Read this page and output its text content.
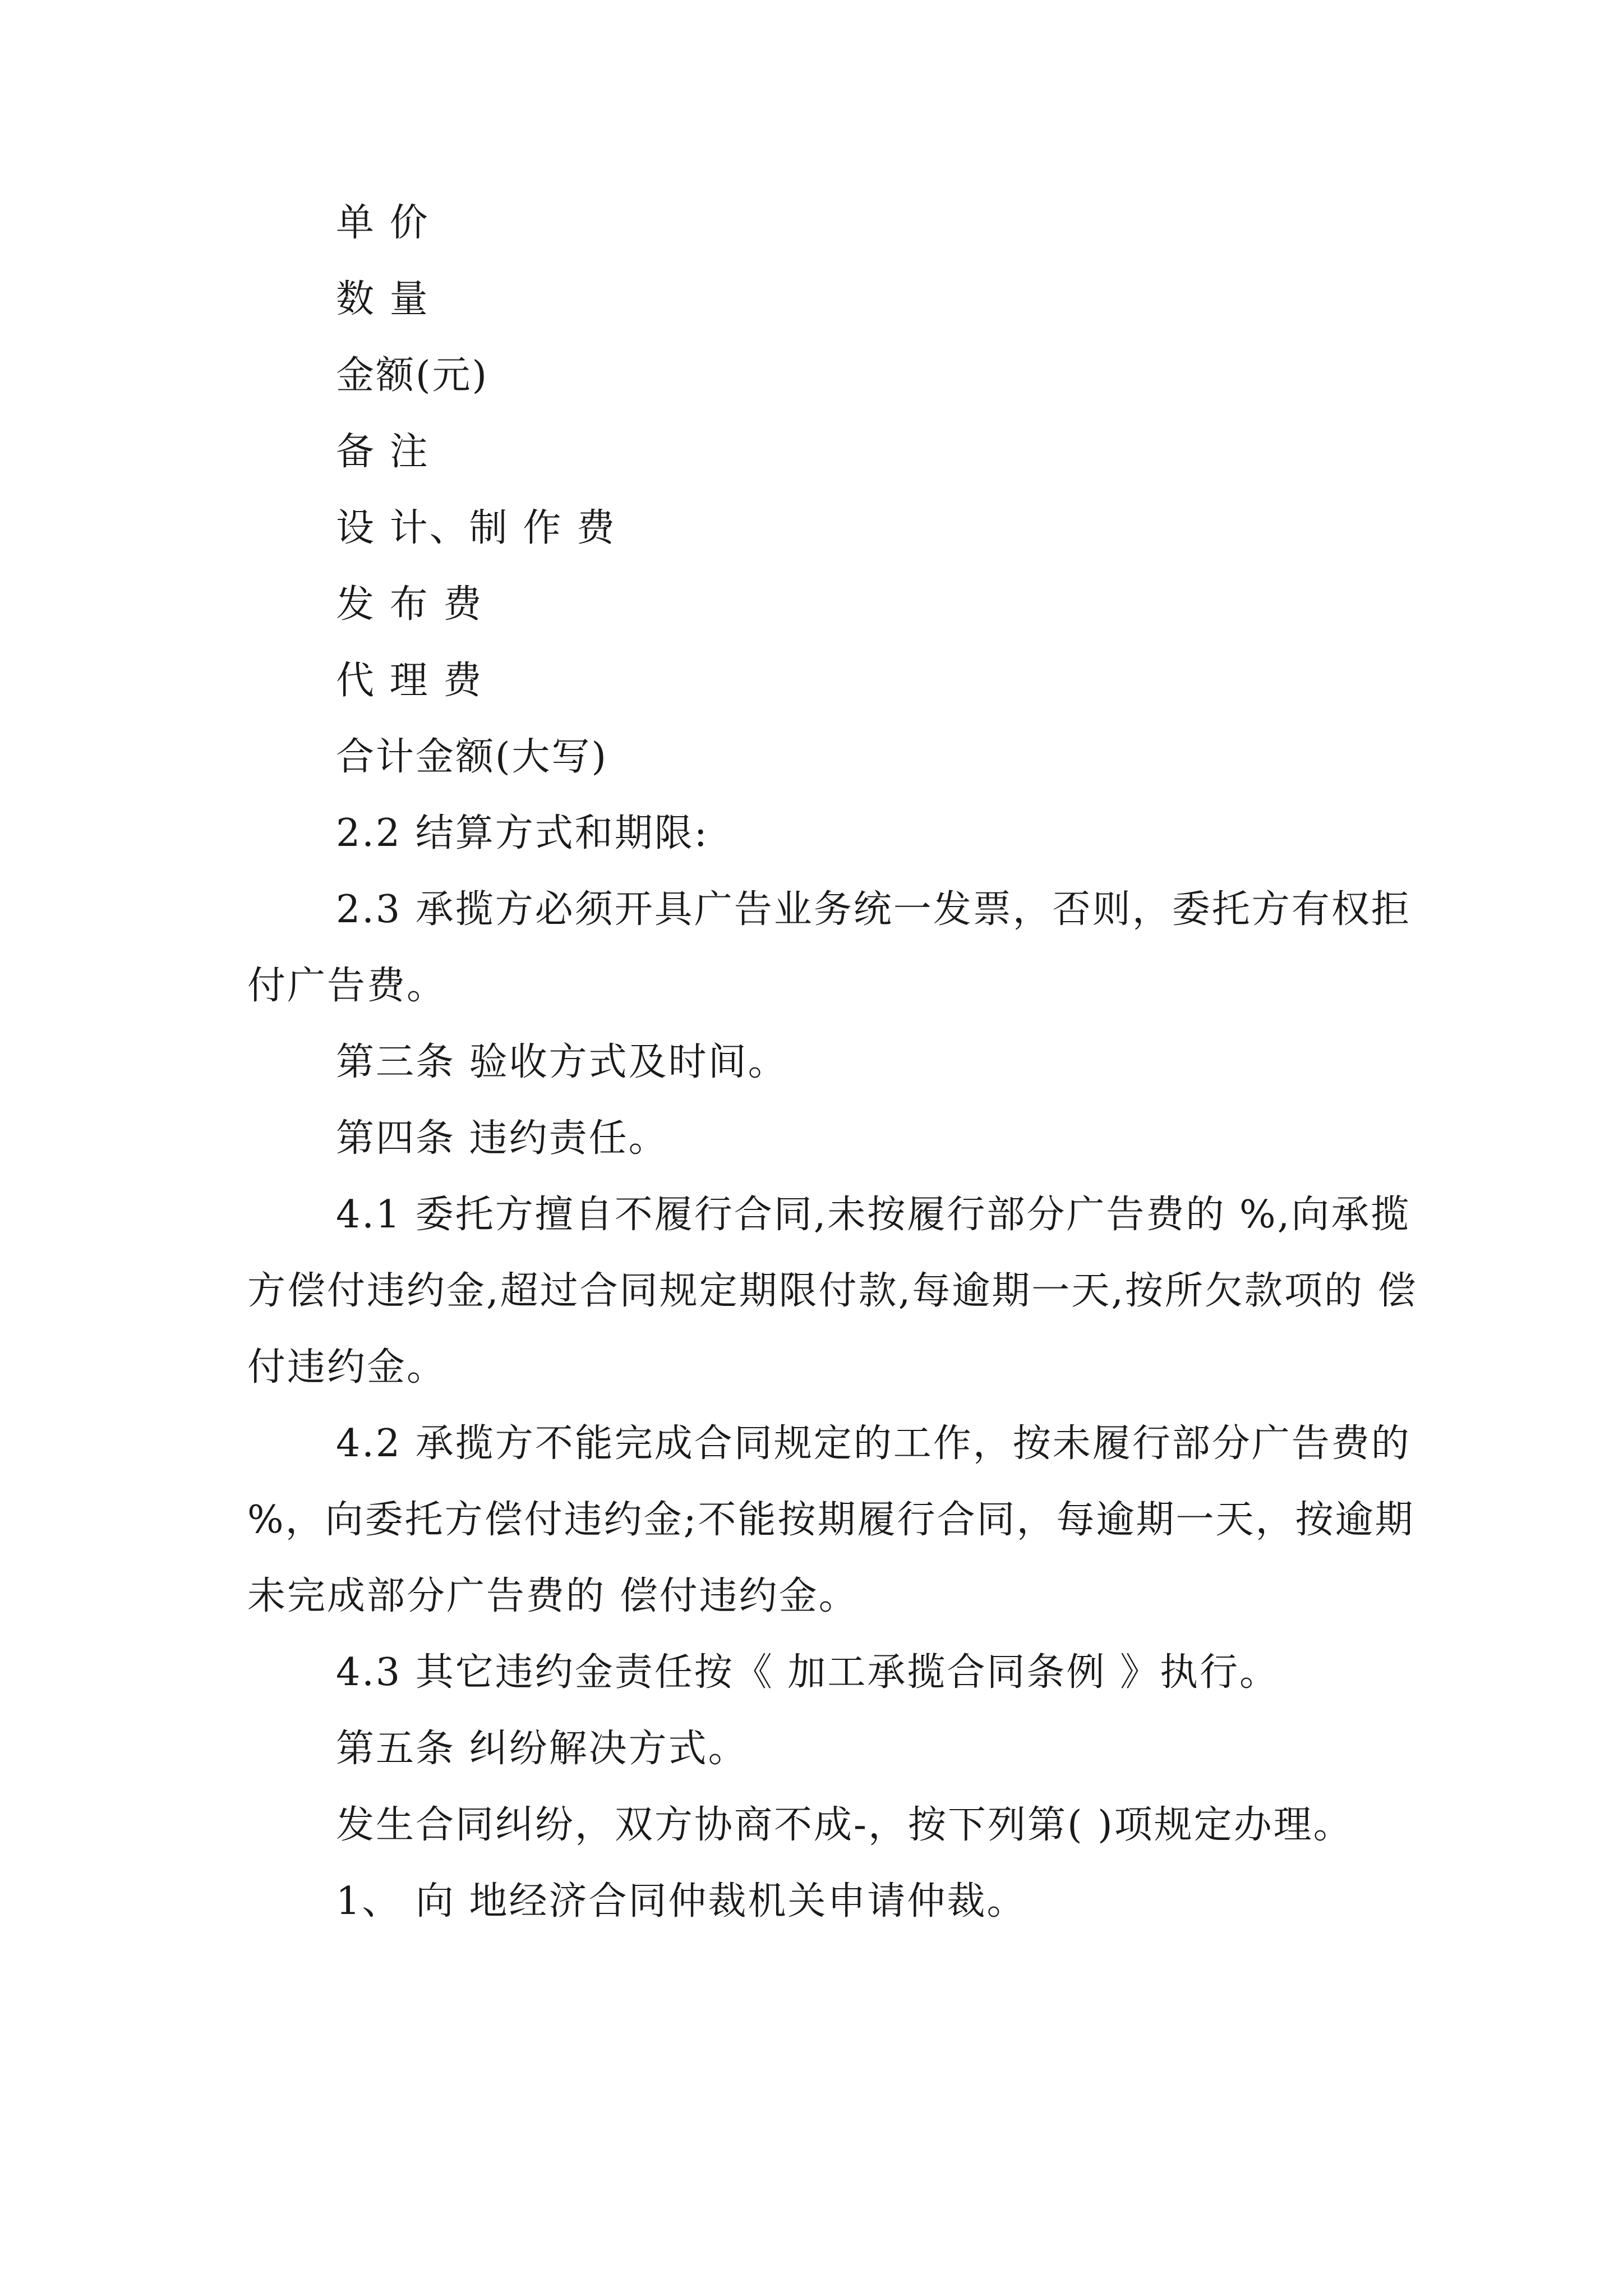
单 价

数 量

金额(元)

备 注

设 计、制 作 费

发 布 费

代 理 费

合计金额(大写)

2.2 结算方式和期限:

2.3 承揽方必须开具广告业务统一发票，否则，委托方有权拒付广告费。

第三条 验收方式及时间。

第四条 违约责任。

4.1 委托方擅自不履行合同,未按履行部分广告费的 %,向承揽方偿付违约金,超过合同规定期限付款,每逾期一天,按所欠款项的 偿付违约金。

4.2 承揽方不能完成合同规定的工作，按未履行部分广告费的 %，向委托方偿付违约金;不能按期履行合同，每逾期一天，按逾期未完成部分广告费的 偿付违约金。

4.3 其它违约金责任按《 加工承揽合同条例 》执行。

第五条 纠纷解决方式。

发生合同纠纷，双方协商不成-，按下列第( )项规定办理。

1、 向 地经济合同仲裁机关申请仲裁。
